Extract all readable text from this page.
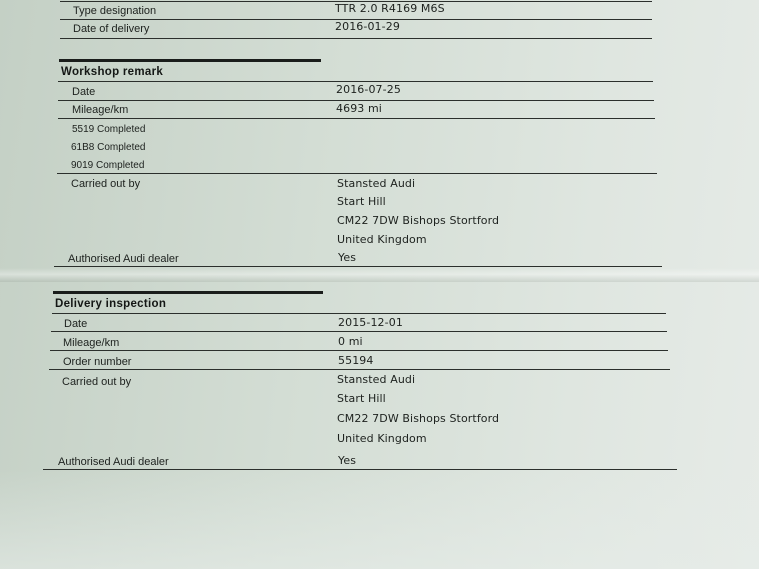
Type designation	TTR 2.0 R4169 M6S
Date of delivery	2016-01-29
Workshop remark
Date	2016-07-25
Mileage/km	4693 mi
5519 Completed
61B8 Completed
9019 Completed
Carried out by	Stansted Audi
Start Hill
CM22 7DW Bishops Stortford
United Kingdom
Authorised Audi dealer	Yes
Delivery inspection
Date	2015-12-01
Mileage/km	0 mi
Order number	55194
Carried out by	Stansted Audi
Start Hill
CM22 7DW Bishops Stortford
United Kingdom
Authorised Audi dealer	Yes
